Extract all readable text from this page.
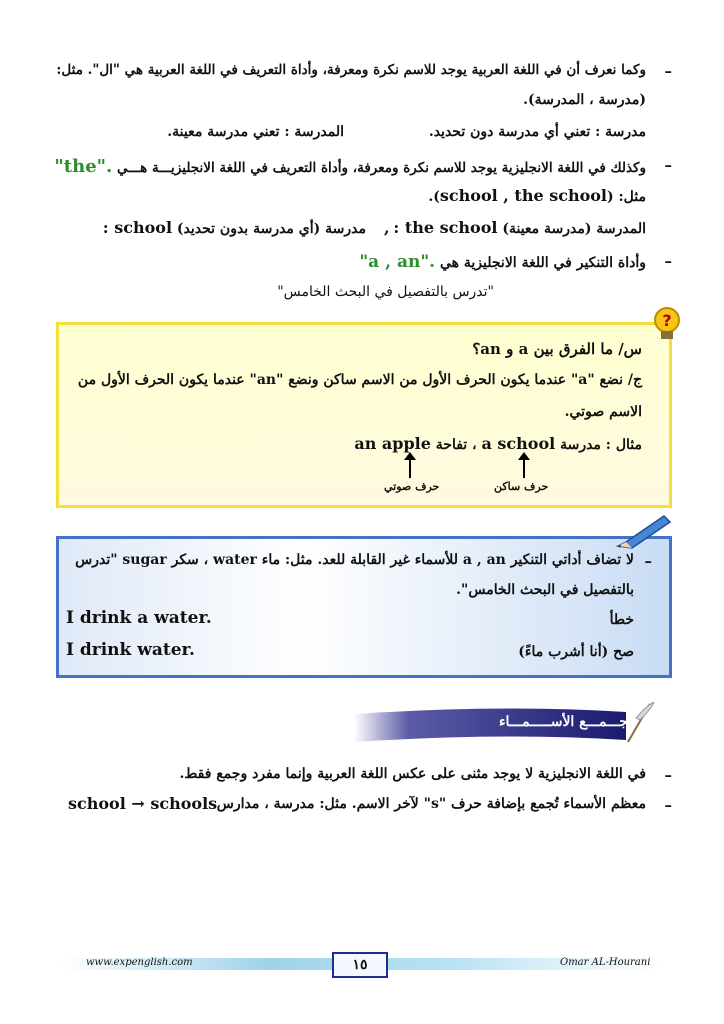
–
وكما نعرف أن في اللغة العربية يوجد للاسم نكرة ومعرفة، وأداة التعريف في اللغة العربية هي "ال". مثل:
(مدرسة ، المدرسة).
مدرسة : تعني أي مدرسة دون تحديد.
المدرسة : تعني مدرسة معينة.
–
وكذلك في اللغة الانجليزية يوجد للاسم نكرة ومعرفة، وأداة التعريف في اللغة الانجليزيـــة هـــي "the".
مثل: (school , the school).
المدرسة (مدرسة معينة) : the school
,
مدرسة (أي مدرسة بدون تحديد) : school
–
وأداة التنكير في اللغة الانجليزية هي "a , an".
"تدرس بالتفصيل في البحث الخامس"
?
س/ ما الفرق بين a و an؟
ج/ نضع "a" عندما يكون الحرف الأول من الاسم ساكن ونضع "an" عندما يكون الحرف الأول من
الاسم صوتي.
مثال : مدرسة a school ، تفاحة an apple
حرف ساكن
حرف صوتي
–
لا تضاف أداتي التنكير a , an للأسماء غير القابلة للعد. مثل: ماء water ، سكر sugar "تدرس
بالتفصيل في البحث الخامس".
خطأ
I drink a water.
صح (أنا أشرب ماءً)
I drink water.
جـــمـــع الأســـــمـــاء
–
في اللغة الانجليزية لا يوجد مثنى على عكس اللغة العربية وإنما مفرد وجمع فقط.
–
معظم الأسماء تُجمع بإضافة حرف "s" لآخر الاسم. مثل: مدرسة ، مدارس
school → schools
www.expenglish.com	١٥	Omar AL-Hourani
